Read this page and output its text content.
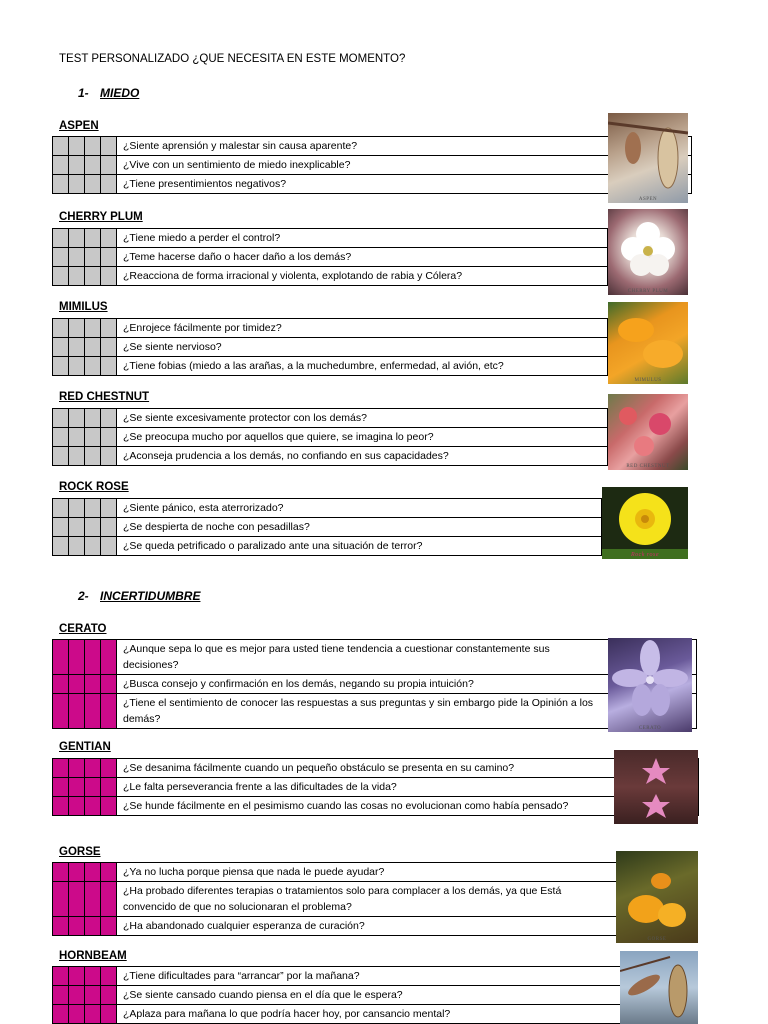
TEST PERSONALIZADO ¿QUE NECESITA EN ESTE MOMENTO?
1- MIEDO
ASPEN
				¿Siente aprensión y malestar sin causa aparente?
				¿Vive con un sentimiento de miedo inexplicable?
				¿Tiene presentimientos negativos?
ASPEN
CHERRY PLUM
				¿Tiene miedo a perder el control?
				¿Teme hacerse daño o hacer daño a los demás?
				¿Reacciona de forma irracional y violenta, explotando de rabia y Cólera?
CHERRY PLUM
MIMILUS
				¿Enrojece fácilmente por timidez?
				¿Se siente nervioso?
				¿Tiene fobias (miedo a las arañas, a la muchedumbre, enfermedad, al avión, etc?
MIMULUS
RED CHESTNUT
				¿Se siente excesivamente protector con los demás?
				¿Se preocupa mucho por aquellos que quiere, se imagina lo peor?
				¿Aconseja prudencia a los demás, no confiando en sus capacidades?
RED CHESTNUT
ROCK ROSE
				¿Siente pánico, esta aterrorizado?
				¿Se despierta de noche con pesadillas?
				¿Se queda petrificado o paralizado ante una situación de terror?
Rock rose
2- INCERTIDUMBRE
CERATO
				¿Aunque sepa lo que es mejor para usted tiene tendencia a cuestionar constantemente sus decisiones?
				¿Busca consejo y confirmación en los demás, negando su propia intuición?
				¿Tiene el sentimiento de conocer las respuestas a sus preguntas y sin embargo pide la Opinión a los demás?
CERATO
GENTIAN
				¿Se desanima fácilmente cuando un pequeño obstáculo se presenta en su camino?
				¿Le falta perseverancia frente a las dificultades de la vida?
				¿Se hunde fácilmente en el pesimismo cuando las cosas no evolucionan como había pensado?
GORSE
				¿Ya no lucha porque piensa que nada le puede ayudar?
				¿Ha probado diferentes terapias o tratamientos solo para complacer a los demás, ya que Está convencido de que no solucionaran el problema?
				¿Ha abandonado cualquier esperanza de curación?
GORSE
HORNBEAM
				¿Tiene dificultades para “arrancar” por la mañana?
				¿Se siente cansado cuando piensa en el día que le espera?
				¿Aplaza para mañana lo que podría hacer hoy, por cansancio mental?
